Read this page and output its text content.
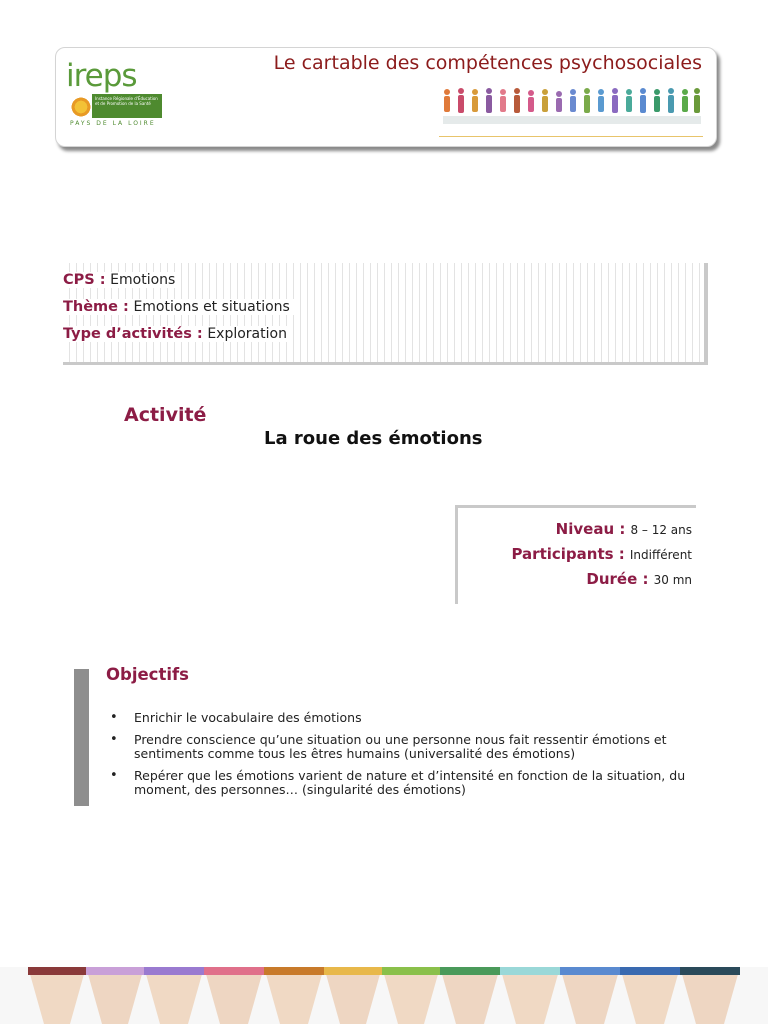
ireps
Instance Régionale d'Éducation et de Promotion de la Santé
PAYS DE LA LOIRE
Le cartable des compétences psychosociales
CPS : Emotions
Thème : Emotions et situations
Type d’activités : Exploration
Activité
La roue des émotions
Niveau : 8 – 12 ans
Participants : Indifférent
Durée : 30 mn
Objectifs
• Enrichir le vocabulaire des émotions
• Prendre conscience qu’une situation ou une personne nous fait ressentir émotions et sentiments comme tous les êtres humains (universalité des émotions)
• Repérer que les émotions varient de nature et d’intensité en fonction de la situation, du moment, des personnes… (singularité des émotions)
